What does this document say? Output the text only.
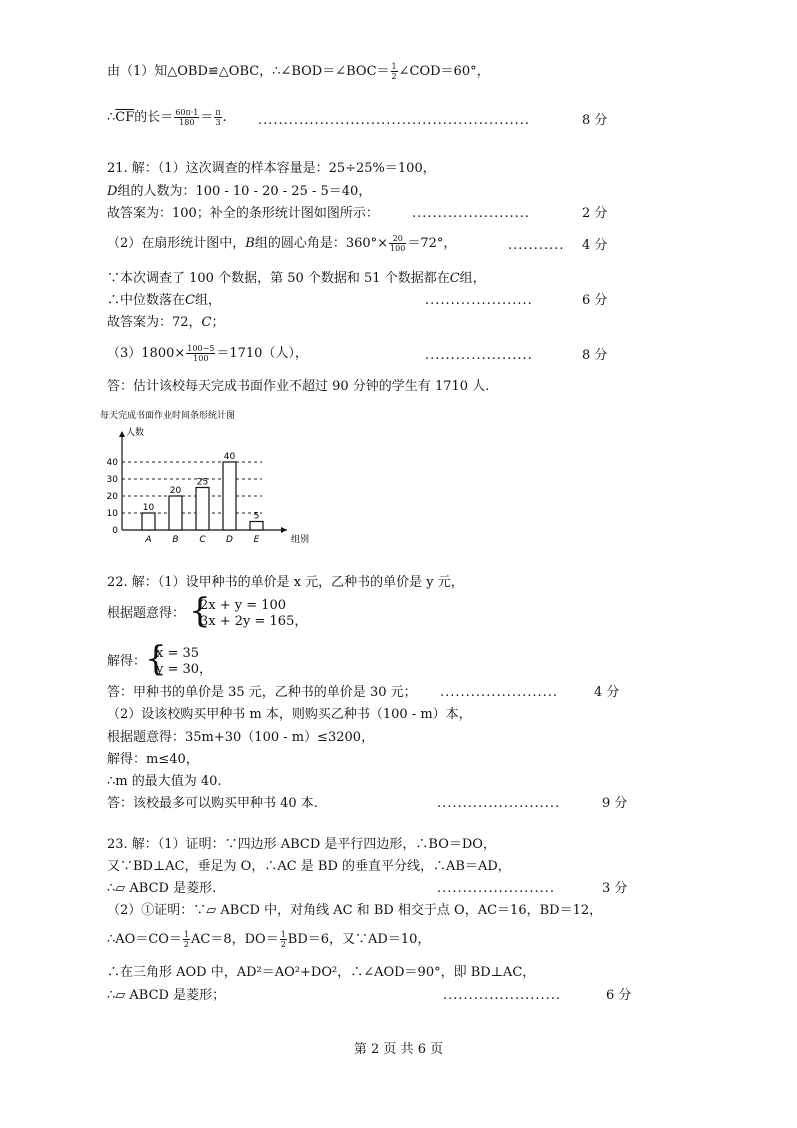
由（1）知△OBD≌△OBC，∴∠BOD＝∠BOC＝ $\frac{1}{2}$ ∠COD＝60°，
$\therefore\overline{CF}$的长＝ $\frac{60\pi\cdot 1}{180} = \frac{\pi}{3}$ . .....................................................	8 分
21. 解：（1）这次调查的样本容量是：25÷25%＝100，
D组的人数为：100 - 10 - 20 - 25 - 5＝40，
故答案为：100；补全的条形统计图如图所示：	.......................	2 分
（2）在扇形统计图中，B组的圆心角是：$360^\circ\times \frac{20}{100} =72^\circ$，	........... 4 分
∵本次调查了 100 个数据，第 50 个数据和 51 个数据都在C组，
∴中位数落在C组，	.....................	6 分
故答案为：72，C；
$(3)1800\times \frac{100-5}{100} =1710$（人），	.....................	8 分
答：估计该校每天完成书面作业不超过 90 分钟的学生有 1710 人.
每天完成书面作业时间条形统计图
0
10
20
30
40
人数
组别
10
A
20
B
25
C
40
D
5
E
22. 解：（1）设甲种书的单价是 x 元，乙种书的单价是 y 元，
根据题意得： {
2x + y = 100
3x + 2y = 165，
解得：
{
x = 35
y = 30，
答：甲种书的单价是 35 元，乙种书的单价是 30 元； .......................	4 分
（2）设该校购买甲种书 m 本，则购买乙种书（100 - m）本，
根据题意得：35m+30（100 - m）≤3200，
解得：m≤40，
∴m 的最大值为 40.
答：该校最多可以购买甲种书 40 本.	........................	9 分
23. 解：（1）证明：∵四边形 ABCD 是平行四边形，∴BO＝DO，
又∵BD⊥AC，垂足为 O，∴AC 是 BD 的垂直平分线，∴AB＝AD，
∴▱ ABCD 是菱形.	.......................	3 分
（2）①证明：∵▱ ABCD 中，对角线 AC 和 BD 相交于点 O，AC＝16，BD＝12，
∴AO＝CO＝ $\frac{1}{2} AC=8$，$DO= \frac{1}{2} BD=6$，又∵AD＝10，
∴在三角形 AOD 中，AD²＝AO²+DO²，∴∠AOD＝90°，即 BD⊥AC，
∴▱ ABCD 是菱形；	.......................	6 分
第 2 页 共 6 页
